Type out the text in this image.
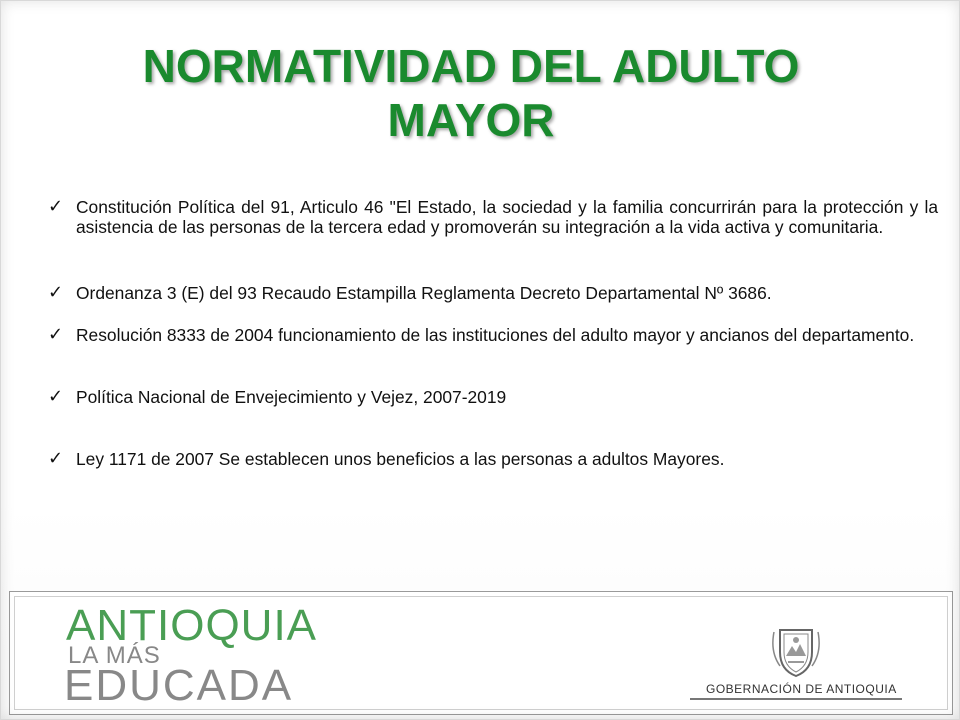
NORMATIVIDAD DEL ADULTO
MAYOR
✓ Constitución Política del 91, Articulo 46 "El Estado, la sociedad y la familia concurrirán para la protección y la asistencia de las personas de la tercera edad y promoverán su integración a la vida activa y comunitaria.
✓ Ordenanza 3 (E) del 93 Recaudo Estampilla Reglamenta Decreto Departamental Nº 3686.
✓ Resolución 8333 de 2004 funcionamiento de las instituciones del adulto mayor y ancianos del departamento.
✓ Política Nacional de Envejecimiento y Vejez, 2007-2019
✓ Ley 1171 de 2007 Se establecen unos beneficios a las personas a adultos Mayores.
ANTIOQUIA
LA MÁS
EDUCADA	GOBERNACIÓN DE ANTIOQUIA
